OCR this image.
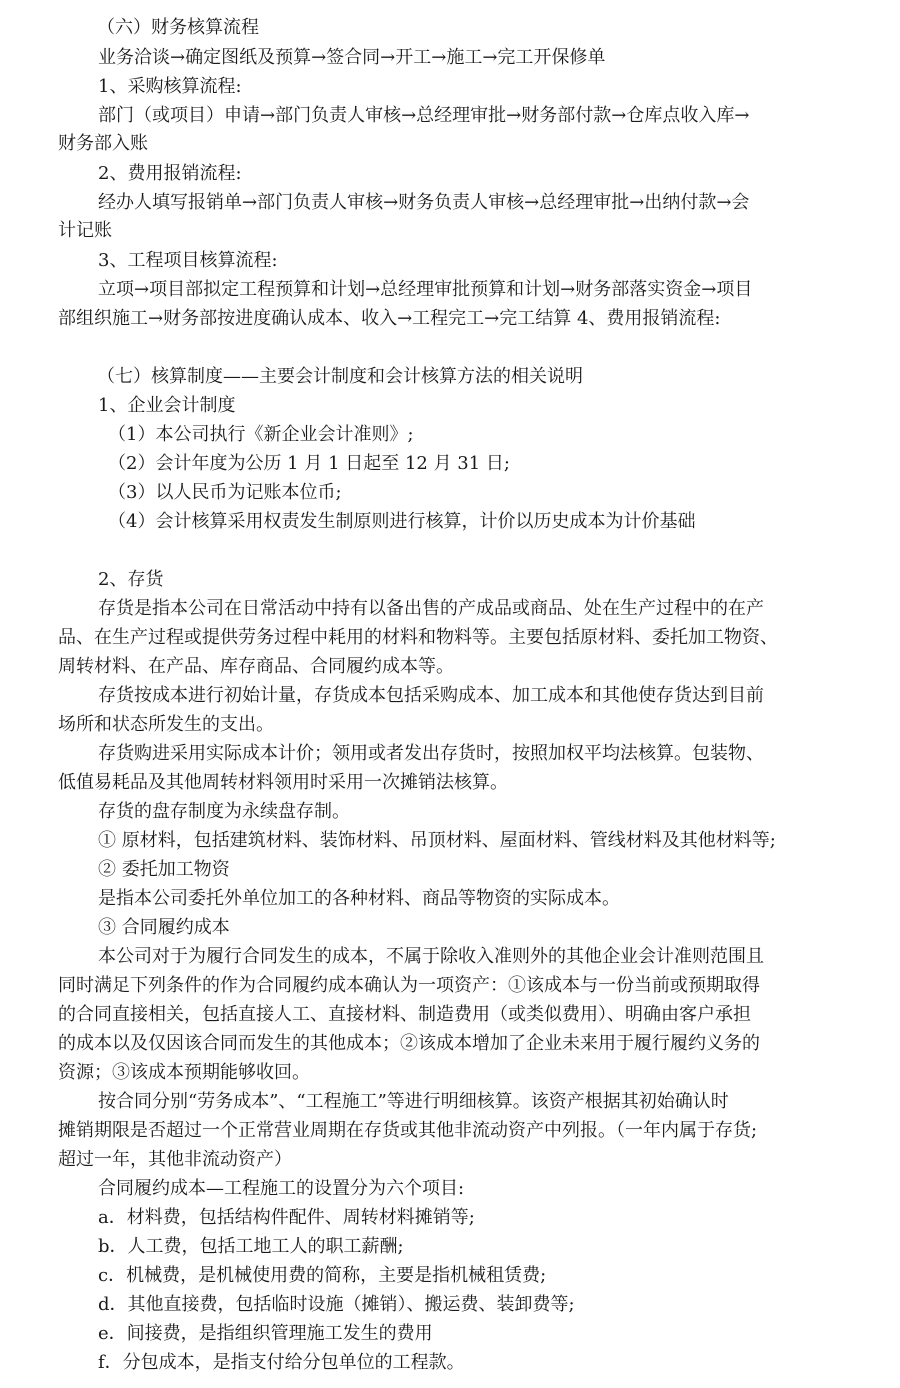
（六）财务核算流程
业务洽谈→确定图纸及预算→签合同→开工→施工→完工开保修单
1、采购核算流程:
部门（或项目）申请→部门负责人审核→总经理审批→财务部付款→仓库点收入库→
财务部入账
2、费用报销流程:
经办人填写报销单→部门负责人审核→财务负责人审核→总经理审批→出纳付款→会
计记账
3、工程项目核算流程:
立项→项目部拟定工程预算和计划→总经理审批预算和计划→财务部落实资金→项目
部组织施工→财务部按进度确认成本、收入→工程完工→完工结算 4、费用报销流程:
（七）核算制度——主要会计制度和会计核算方法的相关说明
1、企业会计制度
（1）本公司执行《新企业会计准则》;
（2）会计年度为公历 1 月 1 日起至 12 月 31 日;
（3）以人民币为记账本位币;
（4）会计核算采用权责发生制原则进行核算，计价以历史成本为计价基础
2、存货
存货是指本公司在日常活动中持有以备出售的产成品或商品、处在生产过程中的在产
品、在生产过程或提供劳务过程中耗用的材料和物料等。主要包括原材料、委托加工物资、
周转材料、在产品、库存商品、合同履约成本等。
存货按成本进行初始计量，存货成本包括采购成本、加工成本和其他使存货达到目前
场所和状态所发生的支出。
存货购进采用实际成本计价；领用或者发出存货时，按照加权平均法核算。包装物、
低值易耗品及其他周转材料领用时采用一次摊销法核算。
存货的盘存制度为永续盘存制。
① 原材料，包括建筑材料、装饰材料、吊顶材料、屋面材料、管线材料及其他材料等;
② 委托加工物资
是指本公司委托外单位加工的各种材料、商品等物资的实际成本。
③ 合同履约成本
本公司对于为履行合同发生的成本，不属于除收入准则外的其他企业会计准则范围且
同时满足下列条件的作为合同履约成本确认为一项资产：①该成本与一份当前或预期取得
的合同直接相关，包括直接人工、直接材料、制造费用（或类似费用）、明确由客户承担
的成本以及仅因该合同而发生的其他成本；②该成本增加了企业未来用于履行履约义务的
资源；③该成本预期能够收回。
按合同分别“劳务成本”、“工程施工”等进行明细核算。该资产根据其初始确认时
摊销期限是否超过一个正常营业周期在存货或其他非流动资产中列报。（一年内属于存货;
超过一年，其他非流动资产）
合同履约成本—工程施工的设置分为六个项目:
a．材料费，包括结构件配件、周转材料摊销等;
b．人工费，包括工地工人的职工薪酬;
c．机械费，是机械使用费的简称，主要是指机械租赁费;
d．其他直接费，包括临时设施（摊销）、搬运费、装卸费等;
e．间接费，是指组织管理施工发生的费用
f．分包成本，是指支付给分包单位的工程款。
